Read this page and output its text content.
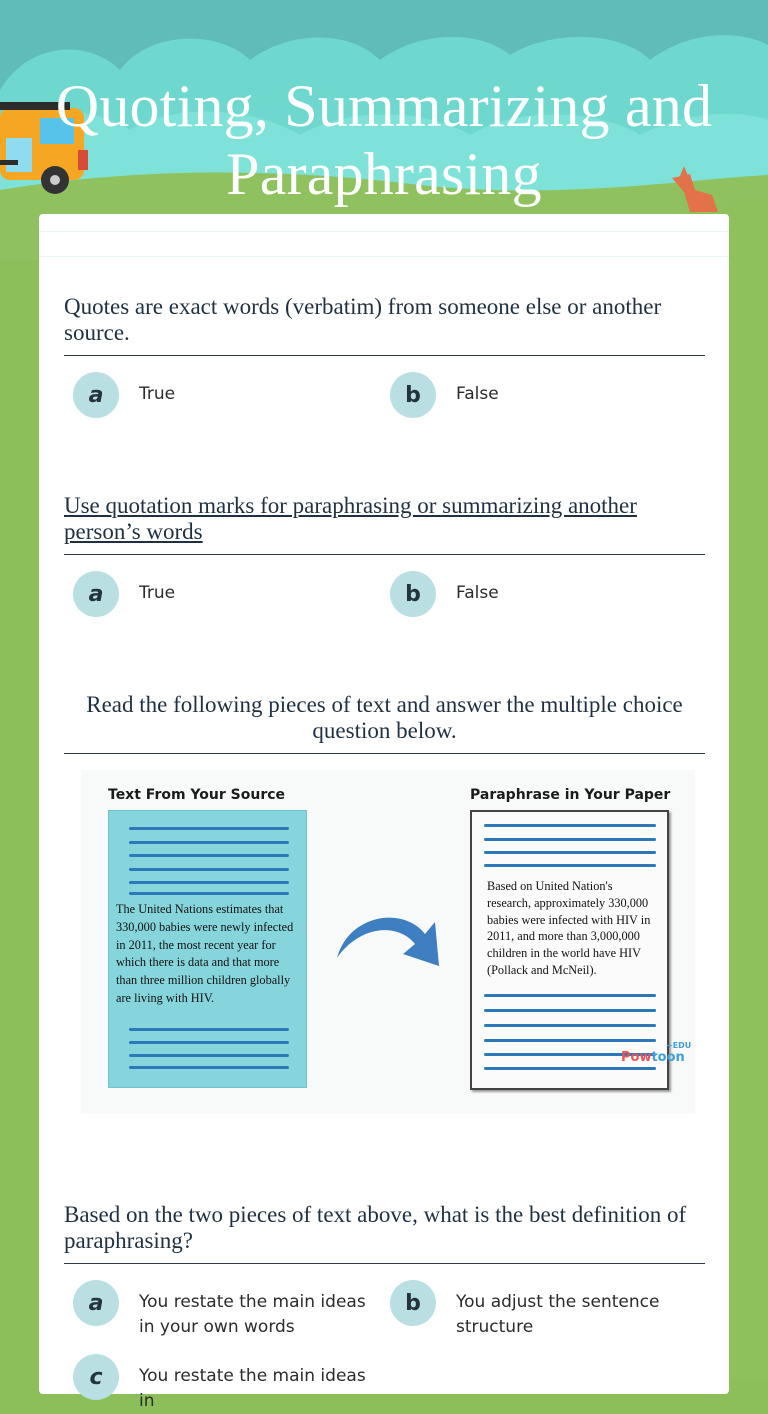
Quoting, Summarizing and Paraphrasing

Quotes are exact words (verbatim) from someone else or another source.

a	True	b	False

Use quotation marks for paraphrasing or summarizing another person’s words

a	True	b	False

Read the following pieces of text and answer the multiple choice question below.

Text From Your Source	Paraphrase in Your Paper
The United Nations estimates that 330,000 babies were newly infected in 2011, the most recent year for which there is data and that more than three million children globally are living with HIV.
Based on United Nation's research, approximately 330,000 babies were infected with HIV in 2011, and more than 3,000,000 children in the world have HIV (Pollack and McNeil).
Powtoon
+EDU

Based on the two pieces of text above, what is the best definition of paraphrasing?

a	You restate the main ideas in your own words
b	You adjust the sentence structure
c	You restate the main ideas in
